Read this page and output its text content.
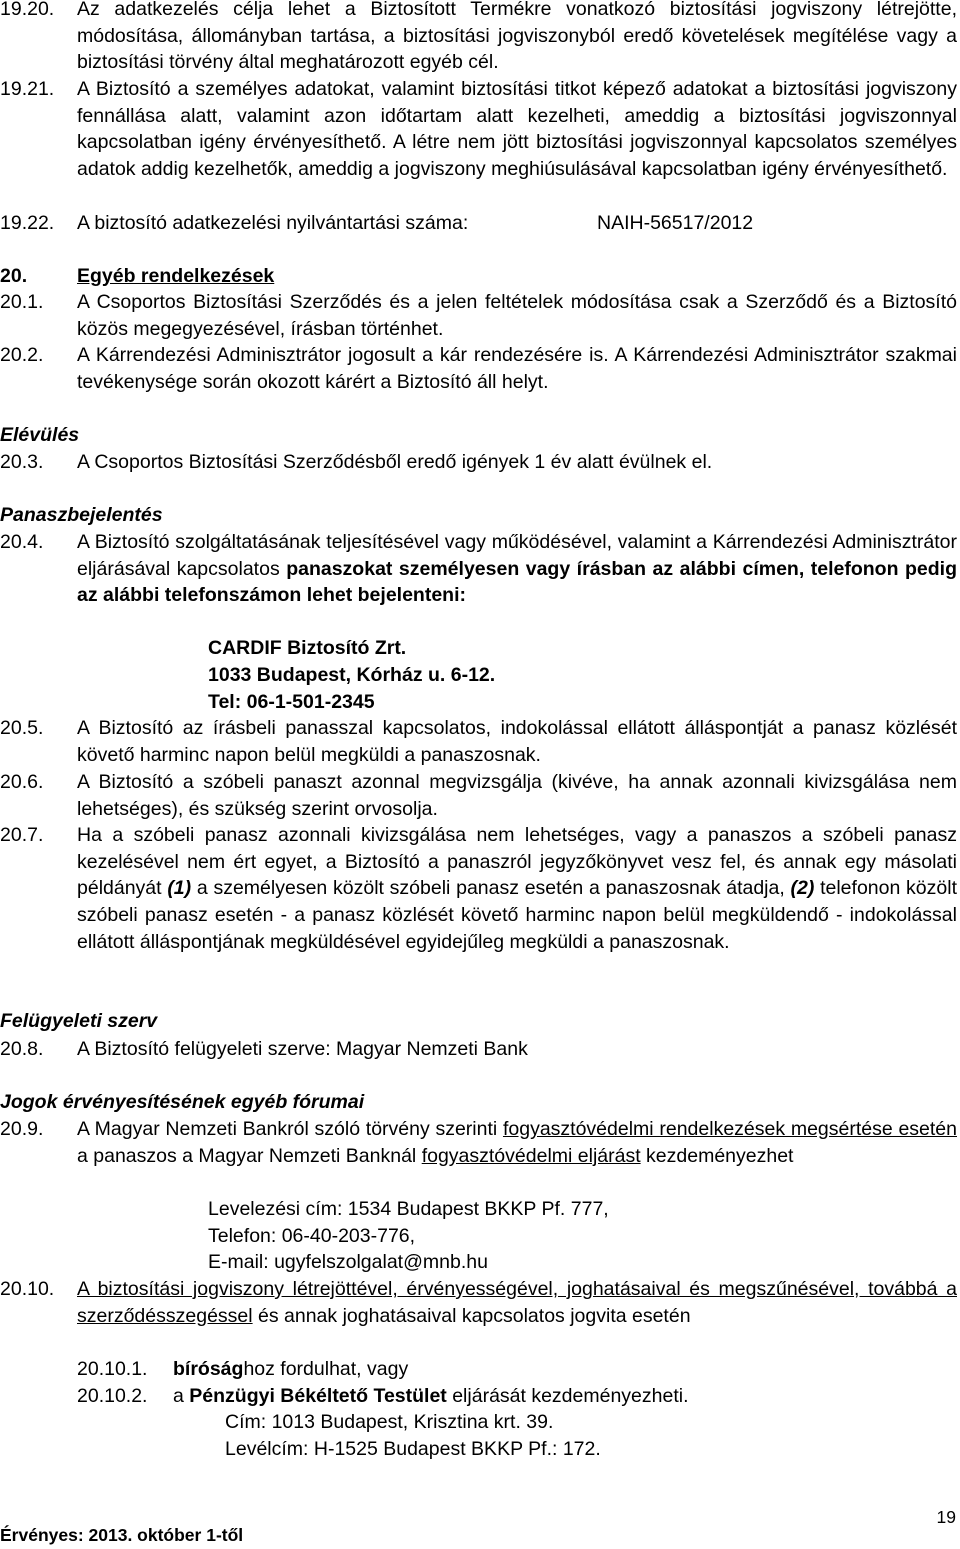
19.20. Az adatkezelés célja lehet a Biztosított Termékre vonatkozó biztosítási jogviszony létrejötte, módosítása, állományban tartása, a biztosítási jogviszonyból eredő követelések megítélése vagy a biztosítási törvény által meghatározott egyéb cél.
19.21. A Biztosító a személyes adatokat, valamint biztosítási titkot képező adatokat a biztosítási jogviszony fennállása alatt, valamint azon időtartam alatt kezelheti, ameddig a biztosítási jogviszonnyal kapcsolatban igény érvényesíthető. A létre nem jött biztosítási jogviszonnyal kapcsolatos személyes adatok addig kezelhetők, ameddig a jogviszony meghiúsulásával kapcsolatban igény érvényesíthető.
19.22. A biztosító adatkezelési nyilvántartási száma:	NAIH-56517/2012
20.	Egyéb rendelkezések
20.1. A Csoportos Biztosítási Szerződés és a jelen feltételek módosítása csak a Szerződő és a Biztosító közös megegyezésével, írásban történhet.
20.2. A Kárrendezési Adminisztrátor jogosult a kár rendezésére is. A Kárrendezési Adminisztrátor szakmai tevékenysége során okozott kárért a Biztosító áll helyt.
Elévülés
20.3. A Csoportos Biztosítási Szerződésből eredő igények 1 év alatt évülnek el.
Panaszbejelentés
20.4. A Biztosító szolgáltatásának teljesítésével vagy működésével, valamint a Kárrendezési Adminisztrátor eljárásával kapcsolatos panaszokat személyesen vagy írásban az alábbi címen, telefonon pedig az alábbi telefonszámon lehet bejelenteni:
CARDIF Biztosító Zrt.
1033 Budapest, Kórház u. 6-12.
Tel: 06-1-501-2345
20.5. A Biztosító az írásbeli panasszal kapcsolatos, indokolással ellátott álláspontját a panasz közlését követő harminc napon belül megküldi a panaszosnak.
20.6. A Biztosító a szóbeli panaszt azonnal megvizsgálja (kivéve, ha annak azonnali kivizsgálása nem lehetséges), és szükség szerint orvosolja.
20.7. Ha a szóbeli panasz azonnali kivizsgálása nem lehetséges, vagy a panaszos a szóbeli panasz kezelésével nem ért egyet, a Biztosító a panaszról jegyzőkönyvet vesz fel, és annak egy másolati példányát (1) a személyesen közölt szóbeli panasz esetén a panaszosnak átadja, (2) telefonon közölt szóbeli panasz esetén - a panasz közlését követő harminc napon belül megküldendő - indokolással ellátott álláspontjának megküldésével egyidejűleg megküldi a panaszosnak.
Felügyeleti szerv
20.8. A Biztosító felügyeleti szerve: Magyar Nemzeti Bank
Jogok érvényesítésének egyéb fórumai
20.9. A Magyar Nemzeti Bankról szóló törvény szerinti fogyasztóvédelmi rendelkezések megsértése esetén a panaszos a Magyar Nemzeti Banknál fogyasztóvédelmi eljárást kezdeményezhet
Levelezési cím: 1534 Budapest BKKP Pf. 777,
Telefon: 06-40-203-776,
E-mail: ugyfelszolgalat@mnb.hu
20.10. A biztosítási jogviszony létrejöttével, érvényességével, joghatásaival és megszűnésével, továbbá a szerződésszegéssel és annak joghatásaival kapcsolatos jogvita esetén
20.10.1. bírósághoz fordulhat, vagy
20.10.2. a Pénzügyi Békéltető Testület eljárását kezdeményezheti.
Cím: 1013 Budapest, Krisztina krt. 39.
Levélcím: H-1525 Budapest BKKP Pf.: 172.
19
Érvényes: 2013. október 1-től
